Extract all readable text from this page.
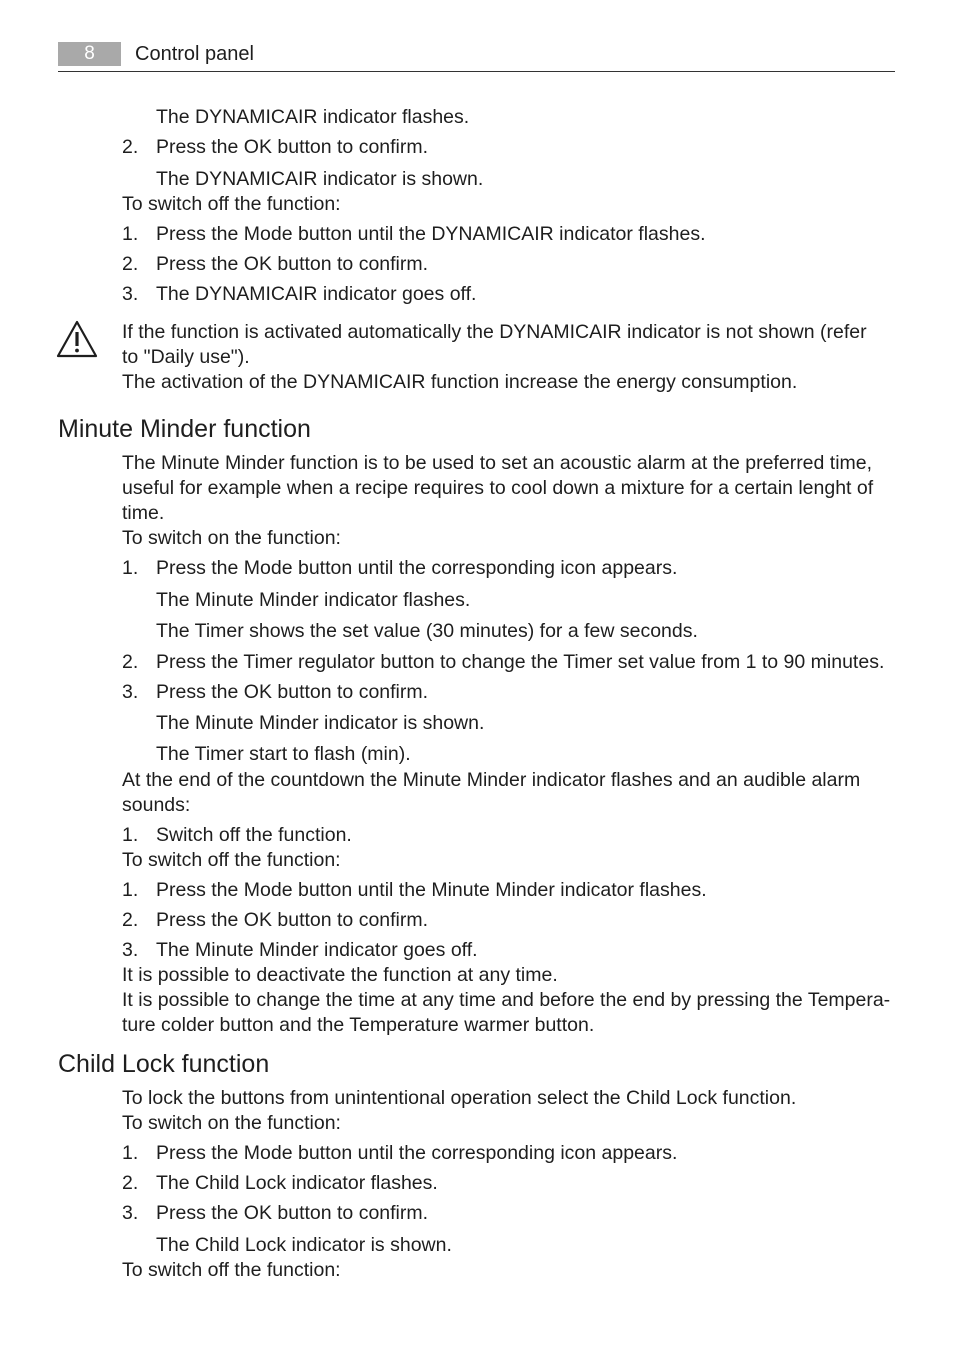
8	Control panel
The DYNAMICAIR indicator flashes.
2. Press the OK button to confirm.
The DYNAMICAIR indicator is shown.
To switch off the function:
1. Press the Mode button until the DYNAMICAIR indicator flashes.
2. Press the OK button to confirm.
3. The DYNAMICAIR indicator goes off.
If the function is activated automatically the DYNAMICAIR indicator is not shown (refer
to "Daily use").
The activation of the DYNAMICAIR function increase the energy consumption.
Minute Minder function
The Minute Minder function is to be used to set an acoustic alarm at the preferred time,
useful for example when a recipe requires to cool down a mixture for a certain lenght of
time.
To switch on the function:
1. Press the Mode button until the corresponding icon appears.
The Minute Minder indicator flashes.
The Timer shows the set value (30 minutes) for a few seconds.
2. Press the Timer regulator button to change the Timer set value from 1 to 90 minutes.
3. Press the OK button to confirm.
The Minute Minder indicator is shown.
The Timer start to flash (min).
At the end of the countdown the Minute Minder indicator flashes and an audible alarm
sounds:
1. Switch off the function.
To switch off the function:
1. Press the Mode button until the Minute Minder indicator flashes.
2. Press the OK button to confirm.
3. The Minute Minder indicator goes off.
It is possible to deactivate the function at any time.
It is possible to change the time at any time and before the end by pressing the Tempera-
ture colder button and the Temperature warmer button.
Child Lock function
To lock the buttons from unintentional operation select the Child Lock function.
To switch on the function:
1. Press the Mode button until the corresponding icon appears.
2. The Child Lock indicator flashes.
3. Press the OK button to confirm.
The Child Lock indicator is shown.
To switch off the function:
